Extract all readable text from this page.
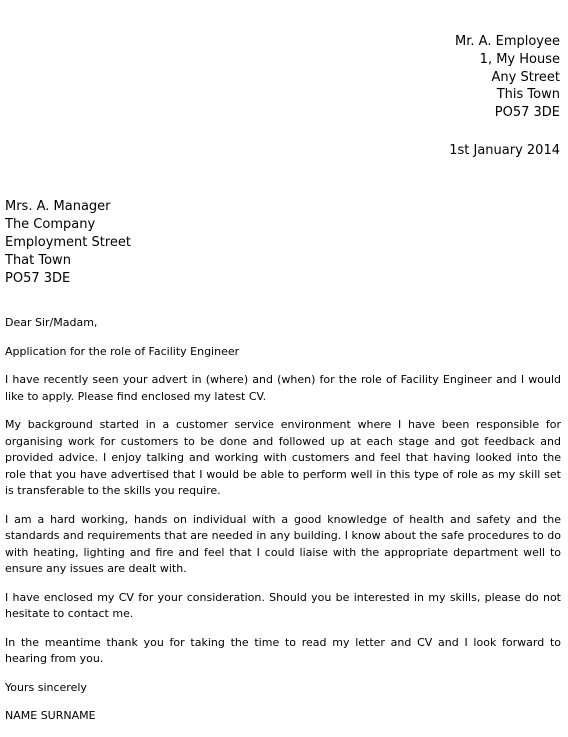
Mr. A. Employee
1, My House
Any Street
This Town
PO57 3DE
1st January 2014
Mrs. A. Manager
The Company
Employment Street
That Town
PO57 3DE

Dear Sir/Madam,

Application for the role of Facility Engineer

I have recently seen your advert in (where) and (when) for the role of Facility Engineer and I would like to apply. Please find enclosed my latest CV.

My background started in a customer service environment where I have been responsible for organising work for customers to be done and followed up at each stage and got feedback and provided advice. I enjoy talking and working with customers and feel that having looked into the role that you have advertised that I would be able to perform well in this type of role as my skill set is transferable to the skills you require.

I am a hard working, hands on individual with a good knowledge of health and safety and the standards and requirements that are needed in any building. I know about the safe procedures to do with heating, lighting and fire and feel that I could liaise with the appropriate department well to ensure any issues are dealt with.

I have enclosed my CV for your consideration. Should you be interested in my skills, please do not hesitate to contact me.

In the meantime thank you for taking the time to read my letter and CV and I look forward to hearing from you.

Yours sincerely

NAME SURNAME
